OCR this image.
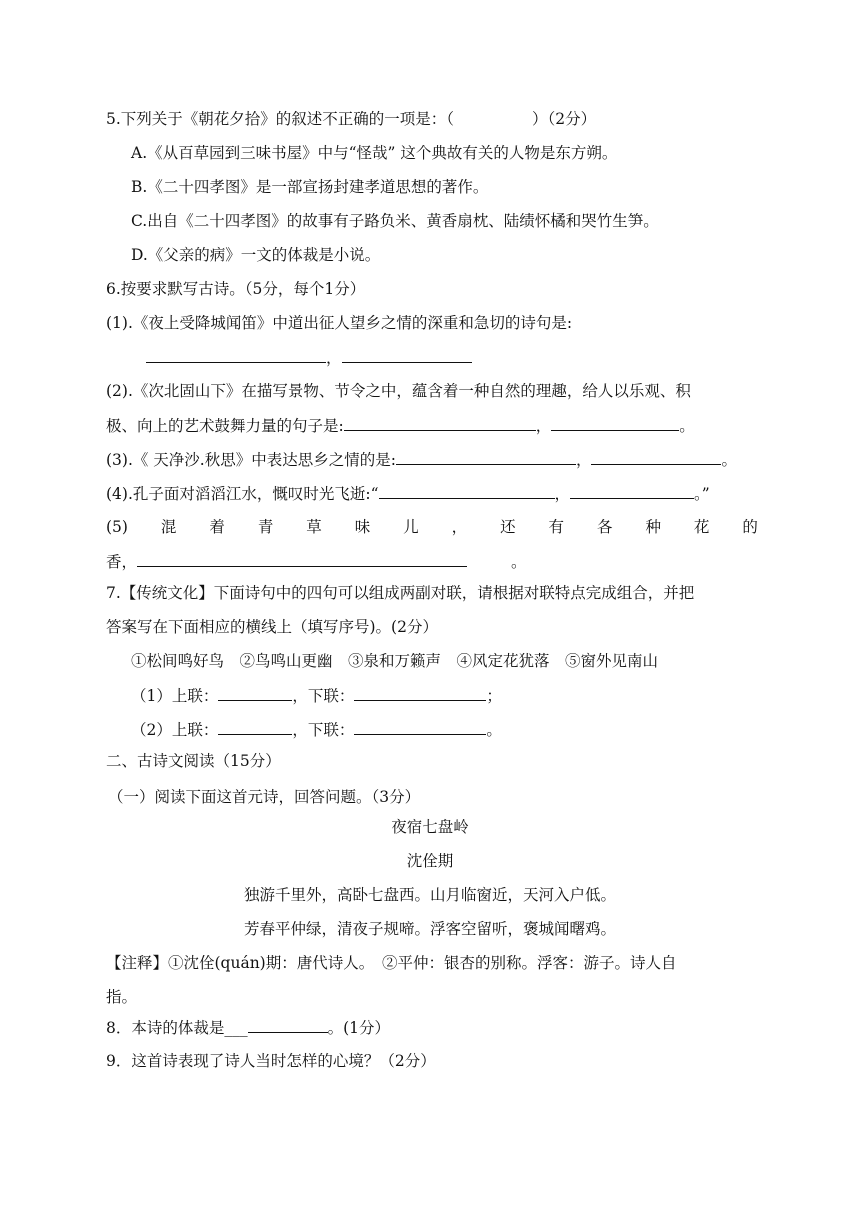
5.下列关于《朝花夕拾》的叙述不正确的一项是：（	）（2分）
A.《从百草园到三味书屋》中与“怪哉” 这个典故有关的人物是东方朔。
B.《二十四孝图》是一部宣扬封建孝道思想的著作。
C.出自《二十四孝图》的故事有子路负米、黄香扇枕、陆绩怀橘和哭竹生笋。
D.《父亲的病》一文的体裁是小说。
6.按要求默写古诗。（5分，每个1分）
(1).《夜上受降城闻笛》中道出征人望乡之情的深重和急切的诗句是:
，
(2).《次北固山下》在描写景物、节令之中，蕴含着一种自然的理趣，给人以乐观、积
极、向上的艺术鼓舞力量的句子是:	，	。
(3).《 天净沙.秋思》中表达思乡之情的是:	，	。
(4).孔子面对滔滔江水，慨叹时光飞逝:“	，	。”
(5) 混 着 青 草 味 儿 ， 还 有 各 种 花 的
香，	。
7.【传统文化】下面诗句中的四句可以组成两副对联，请根据对联特点完成组合，并把
答案写在下面相应的横线上（填写序号)。(2分）
①松间鸣好鸟　②鸟鸣山更幽　③泉和万籁声　④风定花犹落　⑤窗外见南山
（1）上联：	，下联：	；
（2）上联：	，下联：	。
二、古诗文阅读（15分）
（一）阅读下面这首元诗，回答问题。（3分）
夜宿七盘岭
沈佺期
独游千里外，高卧七盘西。山月临窗近，天河入户低。
芳春平仲绿，清夜子规啼。浮客空留听，褒城闻曙鸡。
【注释】①沈佺(quán)期：唐代诗人。　②平仲：银杏的别称。浮客：游子。诗人自
指。
8．本诗的体裁是___	。(1分）
9．这首诗表现了诗人当时怎样的心境？（2分）
